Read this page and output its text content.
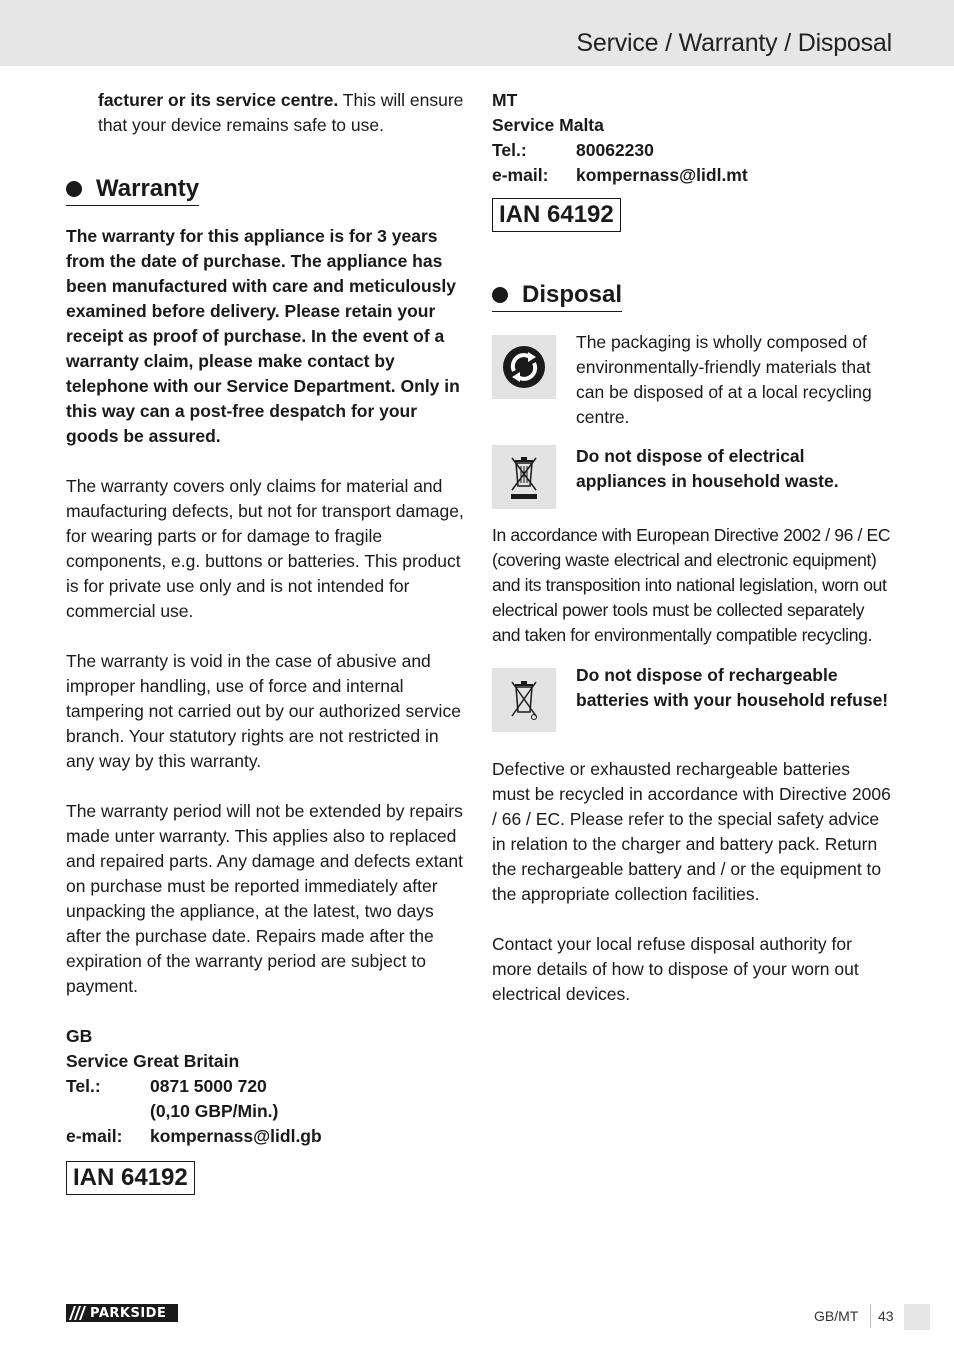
Service / Warranty / Disposal

facturer or its service centre. This will ensure that your device remains safe to use.

Warranty

The warranty for this appliance is for 3 years from the date of purchase. The appliance has been manufactured with care and meticulously examined before delivery. Please retain your receipt as proof of purchase. In the event of a warranty claim, please make contact by telephone with our Service Department. Only in this way can a post-free despatch for your goods be assured.

The warranty covers only claims for material and maufacturing defects, but not for transport damage, for wearing parts or for damage to fragile components, e.g. buttons or batteries. This product is for private use only and is not intended for commercial use.

The warranty is void in the case of abusive and improper handling, use of force and internal tampering not carried out by our authorized service branch. Your statutory rights are not restricted in any way by this warranty.

The warranty period will not be extended by repairs made unter warranty. This applies also to replaced and repaired parts. Any damage and defects extant on purchase must be reported immediately after unpacking the appliance, at the latest, two days after the purchase date. Repairs made after the expiration of the warranty period are subject to payment.

GB
Service Great Britain
Tel.:	0871 5000 720
(0,10 GBP/Min.)
e-mail:	kompernass@lidl.gb
IAN 64192
MT
Service Malta
Tel.:	80062230
e-mail:	kompernass@lidl.mt
IAN 64192
Disposal

The packaging is wholly composed of environmentally-friendly materials that can be disposed of at a local recycling centre.

Do not dispose of electrical appliances in household waste.

In accordance with European Directive 2002 / 96 / EC (covering waste electrical and electronic equipment) and its transposition into national legislation, worn out electrical power tools must be collected separately and taken for environmentally compatible recycling.

Do not dispose of rechargeable batteries with your household refuse!

Defective or exhausted rechargeable batteries must be recycled in accordance with Directive 2006 / 66 / EC. Please refer to the special safety advice in relation to the charger and battery pack. Return the rechargeable battery and / or the equipment to the appropriate collection facilities.

Contact your local refuse disposal authority for more details of how to dispose of your worn out electrical devices.

PARKSIDE	GB/MT 43
